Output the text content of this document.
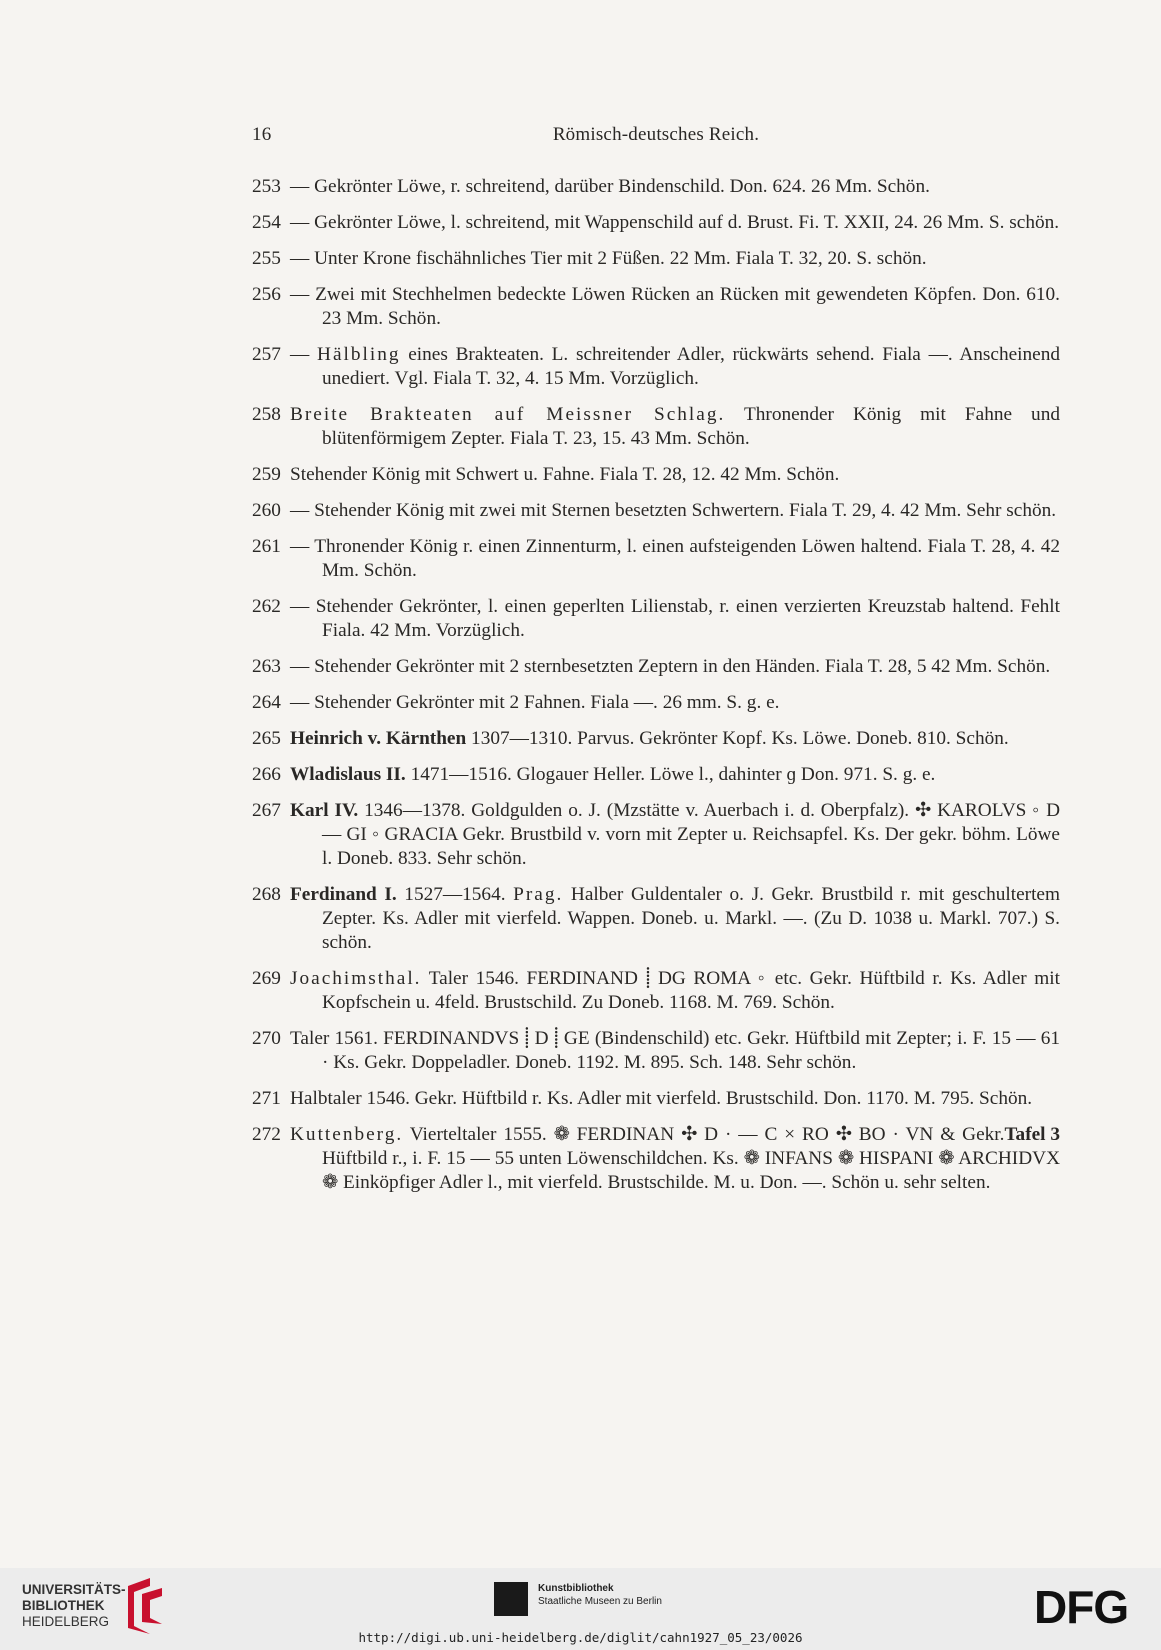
16	Römisch-deutsches Reich.
253 — Gekrönter Löwe, r. schreitend, darüber Bindenschild. Don. 624. 26 Mm. Schön.
254 — Gekrönter Löwe, l. schreitend, mit Wappenschild auf d. Brust. Fi. T. XXII, 24. 26 Mm. S. schön.
255 — Unter Krone fischähnliches Tier mit 2 Füßen. 22 Mm. Fiala T. 32, 20. S. schön.
256 — Zwei mit Stechhelmen bedeckte Löwen Rücken an Rücken mit gewendeten Köpfen. Don. 610. 23 Mm. Schön.
257 — Hälbling eines Brakteaten. L. schreitender Adler, rückwärts sehend. Fiala —. Anscheinend unediert. Vgl. Fiala T. 32, 4. 15 Mm. Vorzüglich.
258 Breite Brakteaten auf Meissner Schlag. Thronender König mit Fahne und blütenförmigem Zepter. Fiala T. 23, 15. 43 Mm. Schön.
259 Stehender König mit Schwert u. Fahne. Fiala T. 28, 12. 42 Mm. Schön.
260 — Stehender König mit zwei mit Sternen besetzten Schwertern. Fiala T. 29, 4. 42 Mm. Sehr schön.
261 — Thronender König r. einen Zinnenturm, l. einen aufsteigenden Löwen haltend. Fiala T. 28, 4. 42 Mm. Schön.
262 — Stehender Gekrönter, l. einen geperlten Lilienstab, r. einen verzierten Kreuzstab haltend. Fehlt Fiala. 42 Mm. Vorzüglich.
263 — Stehender Gekrönter mit 2 sternbesetzten Zeptern in den Händen. Fiala T. 28, 5 42 Mm. Schön.
264 — Stehender Gekrönter mit 2 Fahnen. Fiala —. 26 mm. S. g. e.
265 Heinrich v. Kärnthen 1307—1310. Parvus. Gekrönter Kopf. Ks. Löwe. Doneb. 810. Schön.
266 Wladislaus II. 1471—1516. Glogauer Heller. Löwe l., dahinter ɡ Don. 971. S. g. e.
267 Karl IV. 1346—1378. Goldgulden o. J. (Mzstätte v. Auerbach i. d. Oberpfalz). ✣ KAROLVS ◦ D — GI ◦ GRACIA Gekr. Brustbild v. vorn mit Zepter u. Reichsapfel. Ks. Der gekr. böhm. Löwe l. Doneb. 833. Sehr schön.
268 Ferdinand I. 1527—1564. Prag. Halber Guldentaler o. J. Gekr. Brustbild r. mit geschultertem Zepter. Ks. Adler mit vierfeld. Wappen. Doneb. u. Markl. —. (Zu D. 1038 u. Markl. 707.) S. schön.
269 Joachimsthal. Taler 1546. FERDINAND ⸽ DG ROMA ◦ etc. Gekr. Hüftbild r. Ks. Adler mit Kopfschein u. 4feld. Brustschild. Zu Doneb. 1168. M. 769. Schön.
270 Taler 1561. FERDINANDVS ⸽ D ⸽ GE (Bindenschild) etc. Gekr. Hüftbild mit Zepter; i. F. 15 — 61 · Ks. Gekr. Doppeladler. Doneb. 1192. M. 895. Sch. 148. Sehr schön.
271 Halbtaler 1546. Gekr. Hüftbild r. Ks. Adler mit vierfeld. Brustschild. Don. 1170. M. 795. Schön.
272	Tafel 3
Kuttenberg. Vierteltaler 1555. ❁ FERDINAN ✣ D · — C × RO ✣ BO · VN & Gekr. Hüftbild r., i. F. 15 — 55 unten Löwenschildchen. Ks. ❁ INFANS ❁ HISPANI ❁ ARCHIDVX ❁ Einköpfiger Adler l., mit vierfeld. Brustschilde. M. u. Don. —. Schön u. sehr selten.
UNIVERSITÄTS-
BIBLIOTHEK
HEIDELBERG
Kunstbibliothek
Staatliche Museen zu Berlin	DFG
http://digi.ub.uni-heidelberg.de/diglit/cahn1927_05_23/0026
